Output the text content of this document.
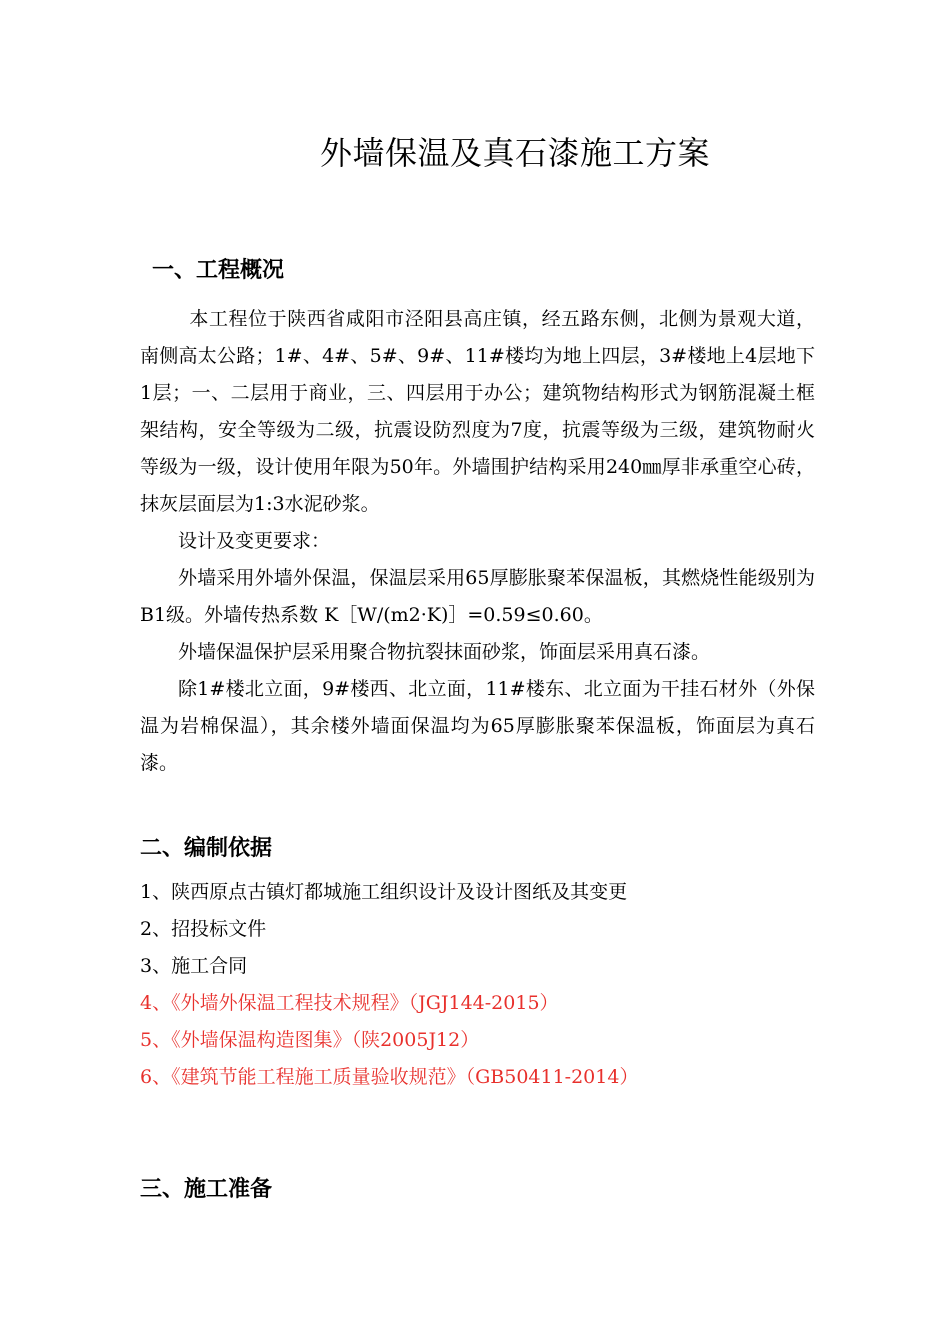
外墙保温及真石漆施工方案
一、工程概况

本工程位于陕西省咸阳市泾阳县高庄镇，经五路东侧，北侧为景观大道，南侧高太公路；1#、4#、5#、9#、11#楼均为地上四层，3#楼地上4层地下1层；一、二层用于商业，三、四层用于办公；建筑物结构形式为钢筋混凝土框架结构，安全等级为二级，抗震设防烈度为7度，抗震等级为三级，建筑物耐火等级为一级，设计使用年限为50年。外墙围护结构采用240㎜厚非承重空心砖，抹灰层面层为1:3水泥砂浆。

设计及变更要求：

外墙采用外墙外保温，保温层采用65厚膨胀聚苯保温板，其燃烧性能级别为B1级。外墙传热系数 K［W/(m2·K)］=0.59≤0.60。

外墙保温保护层采用聚合物抗裂抹面砂浆，饰面层采用真石漆。

除1#楼北立面，9#楼西、北立面，11#楼东、北立面为干挂石材外（外保温为岩棉保温），其余楼外墙面保温均为65厚膨胀聚苯保温板，饰面层为真石漆。

二、编制依据
1、陕西原点古镇灯都城施工组织设计及设计图纸及其变更
2、招投标文件
3、施工合同
4、《外墙外保温工程技术规程》（JGJ144-2015）
5、《外墙保温构造图集》（陕2005J12）
6、《建筑节能工程施工质量验收规范》（GB50411-2014）
三、施工准备
